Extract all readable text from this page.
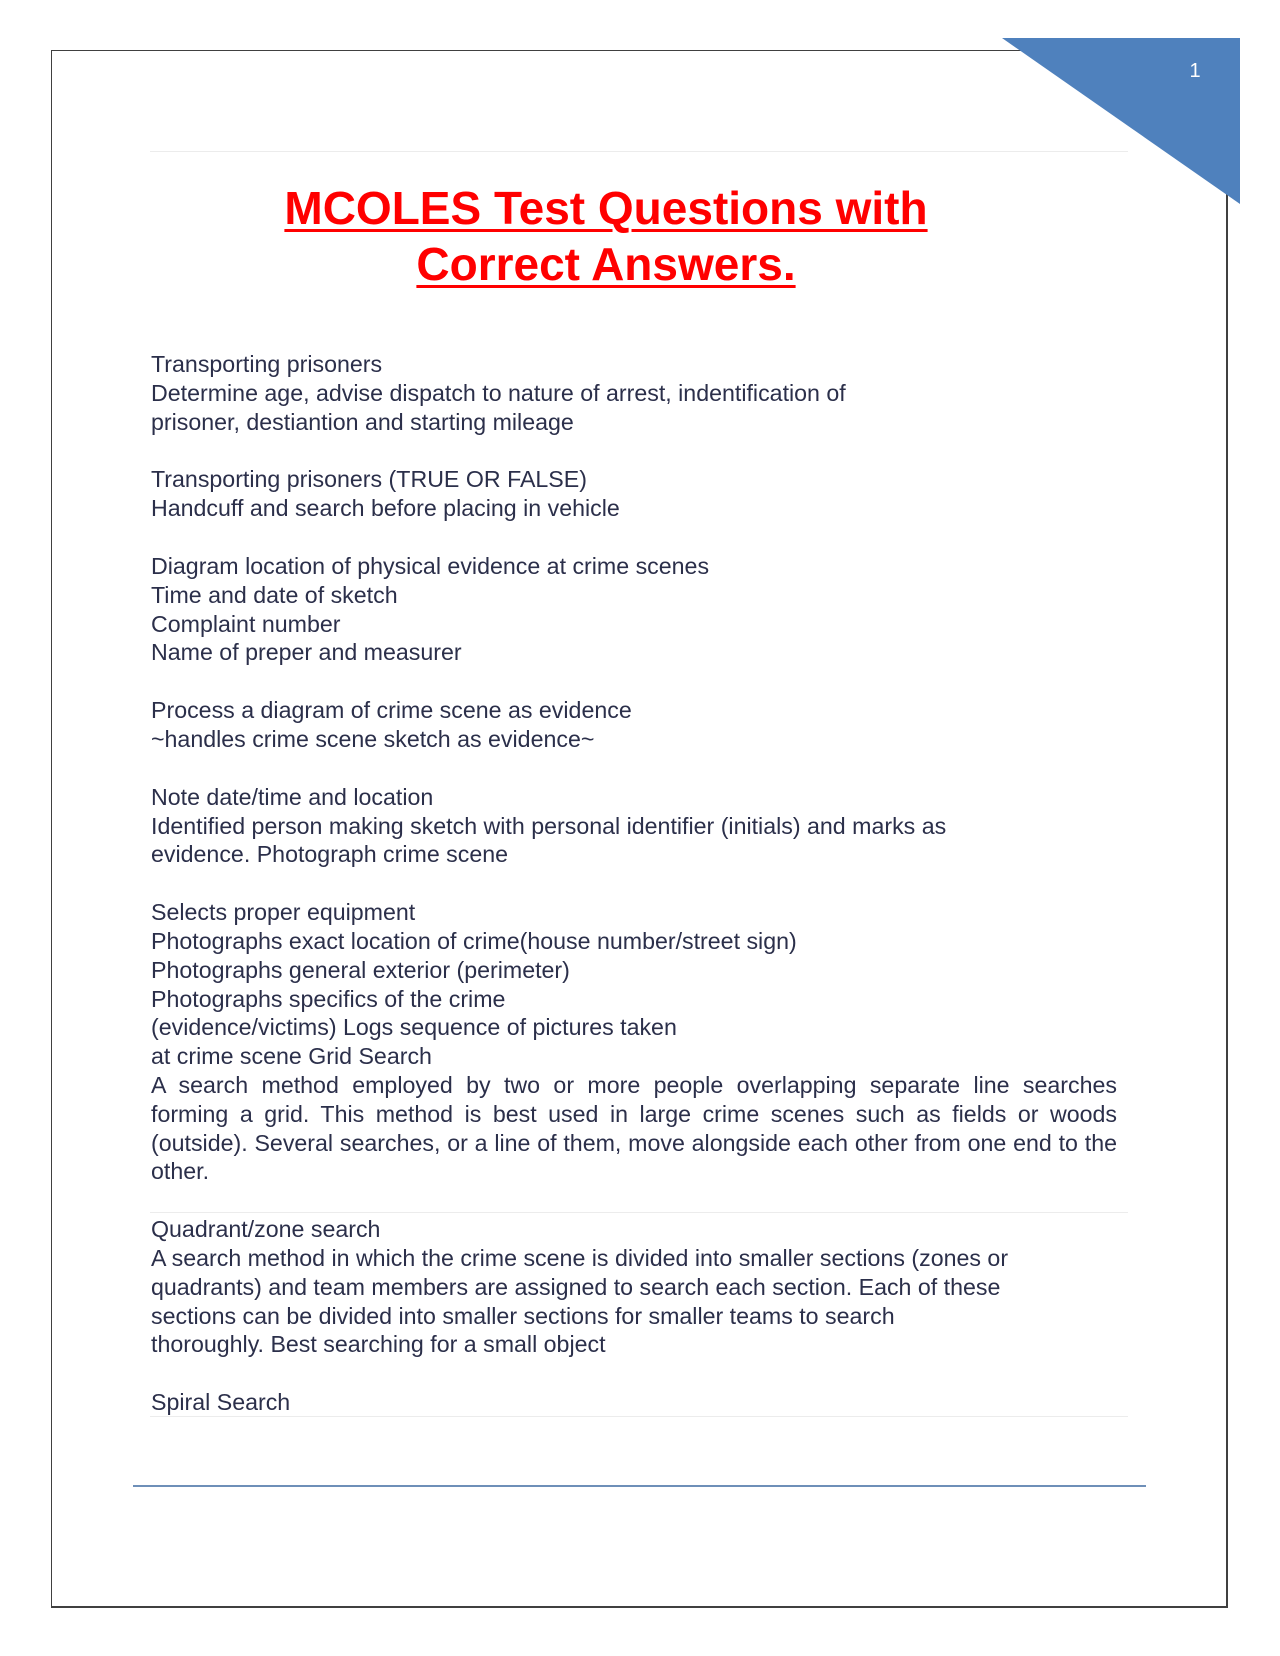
1
MCOLES Test Questions with
Correct Answers.
Transporting prisoners
Determine age, advise dispatch to nature of arrest, indentification of
prisoner, destiantion and starting mileage
Transporting prisoners (TRUE OR FALSE)
Handcuff and search before placing in vehicle
Diagram location of physical evidence at crime scenes
Time and date of sketch
Complaint number
Name of preper and measurer
Process a diagram of crime scene as evidence
~handles crime scene sketch as evidence~
Note date/time and location
Identified person making sketch with personal identifier (initials) and marks as
evidence. Photograph crime scene
Selects proper equipment
Photographs exact location of crime(house number/street sign)
Photographs general exterior (perimeter)
Photographs specifics of the crime
(evidence/victims) Logs sequence of pictures taken
at crime scene Grid Search
A search method employed by two or more people overlapping separate line searches forming a grid. This method is best used in large crime scenes such as fields or woods (outside). Several searches, or a line of them, move alongside each other from one end to the other.
Quadrant/zone search
A search method in which the crime scene is divided into smaller sections (zones or
quadrants) and team members are assigned to search each section. Each of these
sections can be divided into smaller sections for smaller teams to search
thoroughly. Best searching for a small object
Spiral Search
